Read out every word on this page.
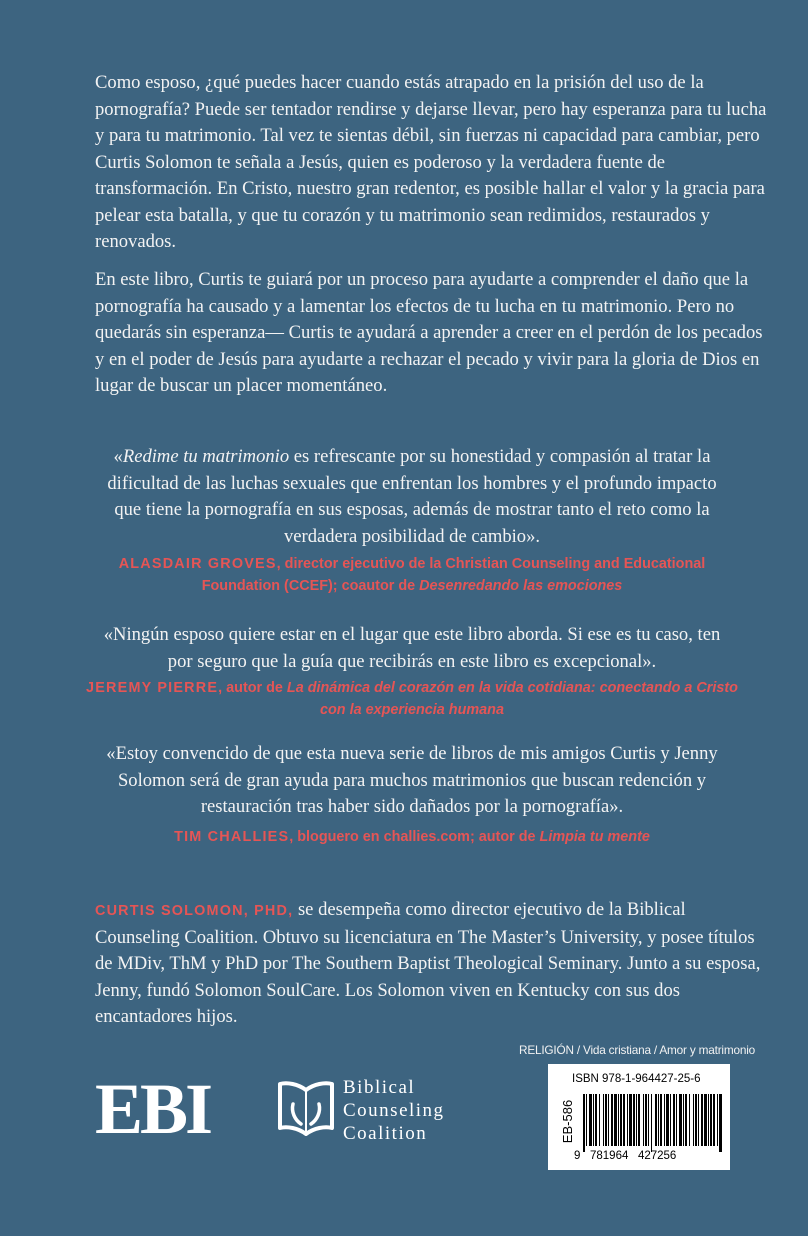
Como esposo, ¿qué puedes hacer cuando estás atrapado en la prisión del uso de la pornografía? Puede ser tentador rendirse y dejarse llevar, pero hay esperanza para tu lucha y para tu matrimonio. Tal vez te sientas débil, sin fuerzas ni capacidad para cambiar, pero Curtis Solomon te señala a Jesús, quien es poderoso y la verdadera fuente de transformación. En Cristo, nuestro gran redentor, es posible hallar el valor y la gracia para pelear esta batalla, y que tu corazón y tu matrimonio sean redimidos, restaurados y renovados.

En este libro, Curtis te guiará por un proceso para ayudarte a comprender el daño que la pornografía ha causado y a lamentar los efectos de tu lucha en tu matrimonio. Pero no quedarás sin esperanza— Curtis te ayudará a aprender a creer en el perdón de los pecados y en el poder de Jesús para ayudarte a rechazar el pecado y vivir para la gloria de Dios en lugar de buscar un placer momentáneo.

«Redime tu matrimonio es refrescante por su honestidad y compasión al tratar la dificultad de las luchas sexuales que enfrentan los hombres y el profundo impacto que tiene la pornografía en sus esposas, además de mostrar tanto el reto como la verdadera posibilidad de cambio».

ALASDAIR GROVES, director ejecutivo de la Christian Counseling and Educational Foundation (CCEF); coautor de Desenredando las emociones

«Ningún esposo quiere estar en el lugar que este libro aborda. Si ese es tu caso, ten por seguro que la guía que recibirás en este libro es excepcional».

JEREMY PIERRE, autor de La dinámica del corazón en la vida cotidiana: conectando a Cristo con la experiencia humana

«Estoy convencido de que esta nueva serie de libros de mis amigos Curtis y Jenny Solomon será de gran ayuda para muchos matrimonios que buscan redención y restauración tras haber sido dañados por la pornografía».

TIM CHALLIES, bloguero en challies.com; autor de Limpia tu mente

CURTIS SOLOMON, PHD, se desempeña como director ejecutivo de la Biblical Counseling Coalition. Obtuvo su licenciatura en The Master’s University, y posee títulos de MDiv, ThM y PhD por The Southern Baptist Theological Seminary. Junto a su esposa, Jenny, fundó Solomon SoulCare. Los Solomon viven en Kentucky con sus dos encantadores hijos.

RELIGIÓN / Vida cristiana / Amor y matrimonio
EBI	Biblical
Counseling
Coalition
ISBN 978-1-964427-25-6
EB-586
9   781964   427256
